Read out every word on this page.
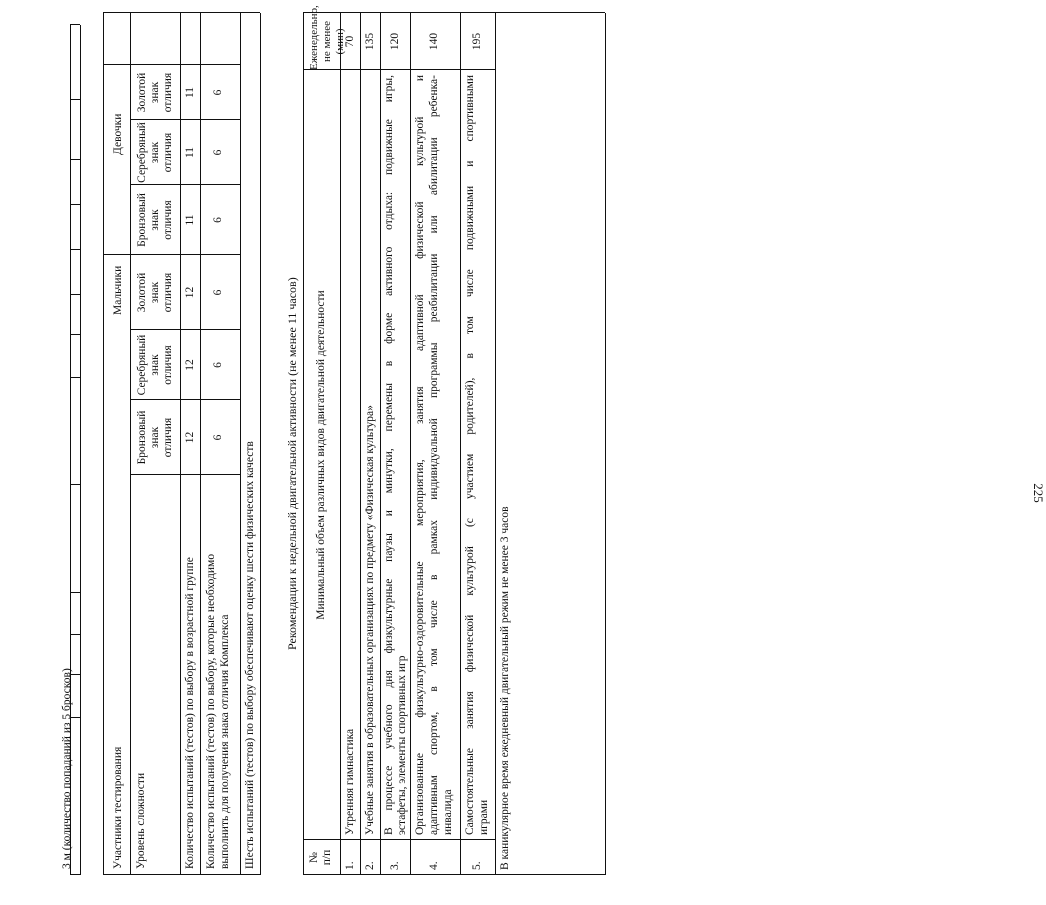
225
3 м (количество попаданий из 5 бросков)	Участники тестирования Уровень сложности
Мальчики
Девочки
Бронзовый знак отличия
Серебряный знак отличия
Золотой знак отличия
Бронзовый знак отличия
Серебряный знак отличия
Золотой знак отличия
Количество испытаний (тестов) по выбору в возрастной группе
12
12
12
11
11
11
Количество испытаний (тестов) по выбору, которые необходимо выполнить для получения знака отличия Комплекса
6
6
6
6
6
6
Шесть испытаний (тестов) по выбору обеспечивают оценку шести физических качеств Рекомендации к недельной двигательной активности (не менее 11 часов)
№ п/п
Минимальный объем различных видов двигательной деятельности
Еженедельно, не менее (мин)
1.
Утренняя гимнастика
70
2.
Учебные занятия в образовательных организациях по предмету «Физическая культура»
135
3.
В процессе учебного дня физкультурные паузы и минутки, перемены в форме активного отдыха: подвижные игры, эстафеты, элементы спортивных игр
120
4.
Организованные физкультурно-оздоровительные мероприятия, занятия адаптивной физической культурой и адаптивным спортом, в том числе в рамках индивидуальной программы реабилитации или абилитации ребенка- инвалида
140
5.
Самостоятельные занятия физической культурой (с участием родителей), в том числе подвижными и спортивными играми
195
В каникулярное время ежедневный двигательный режим не менее 3 часов
